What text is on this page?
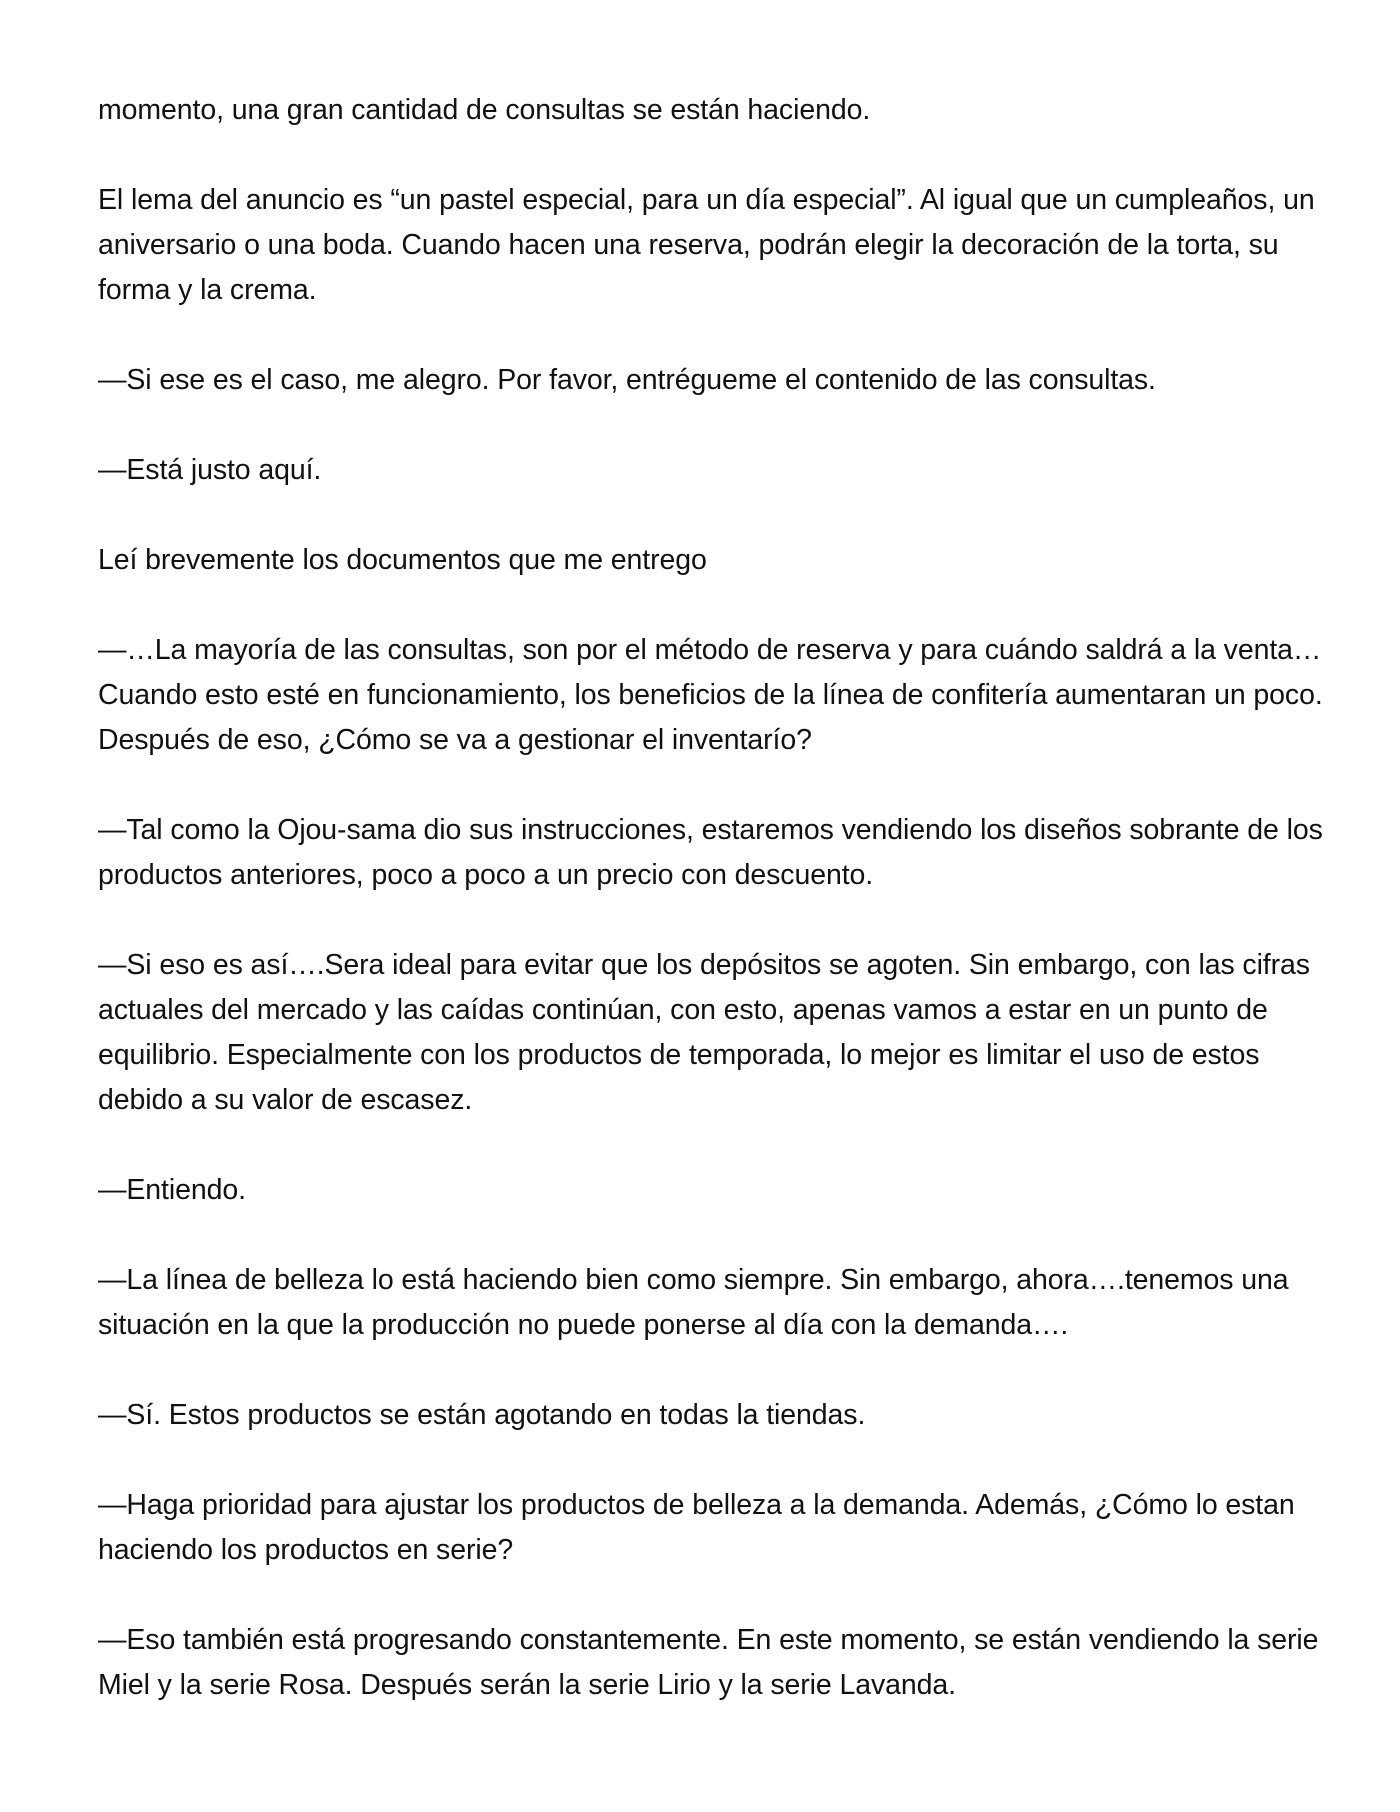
momento, una gran cantidad de consultas se están haciendo.

El lema del anuncio es “un pastel especial, para un día especial”. Al igual que un cumpleaños, un aniversario o una boda. Cuando hacen una reserva, podrán elegir la decoración de la torta, su forma y la crema.

—Si ese es el caso, me alegro. Por favor, entrégueme el contenido de las consultas.

—Está justo aquí.

Leí brevemente los documentos que me entrego

—…La mayoría de las consultas, son por el método de reserva y para cuándo saldrá a la venta…Cuando esto esté en funcionamiento, los beneficios de la línea de confitería aumentaran un poco. Después de eso, ¿Cómo se va a gestionar el inventarío?

—Tal como la Ojou-sama dio sus instrucciones, estaremos vendiendo los diseños sobrante de los productos anteriores, poco a poco a un precio con descuento.

—Si eso es así….Sera ideal para evitar que los depósitos se agoten. Sin embargo, con las cifras actuales del mercado y las caídas continúan, con esto, apenas vamos a estar en un punto de equilibrio. Especialmente con los productos de temporada, lo mejor es limitar el uso de estos debido a su valor de escasez.

—Entiendo.

—La línea de belleza lo está haciendo bien como siempre. Sin embargo, ahora….tenemos una situación en la que la producción no puede ponerse al día con la demanda….

—Sí. Estos productos se están agotando en todas la tiendas.

—Haga prioridad para ajustar los productos de belleza a la demanda. Además, ¿Cómo lo estan haciendo los productos en serie?

—Eso también está progresando constantemente. En este momento, se están vendiendo la serie Miel y la serie Rosa. Después serán la serie Lirio y la serie Lavanda.
